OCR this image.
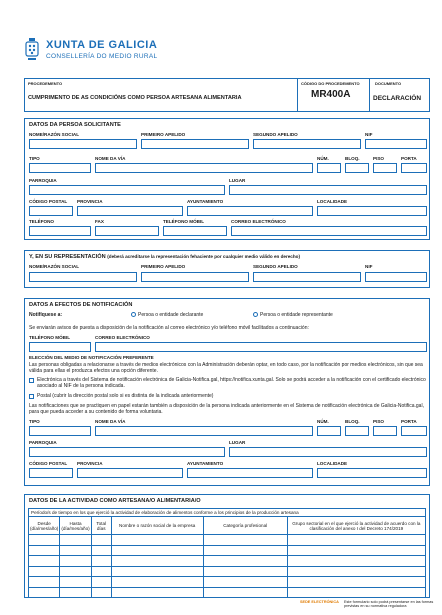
XUNTA DE GALICIA
CONSELLERÍA DO MEDIO RURAL
PROCEDEMENTO
CUMPRIMENTO DE AS CONDICIÓNS COMO PERSOA ARTESANA ALIMENTARIA
CÓDIGO DO PROCEDEMENTO
MR400A
DOCUMENTO
DECLARACIÓN
DATOS DA PERSOA SOLICITANTE
NOME/RAZÓN SOCIAL	PRIMEIRO APELIDO	SEGUNDO APELIDO	NIF
TIPO	NOME DA VÍA	NÚM.	BLOQ.	PISO	PORTA
PARROQUIA	LUGAR
CÓDIGO POSTAL PROVINCIA	AYUNTAMIENTO	LOCALIDADE
TELÉFONO	FAX	TELÉFONO MÓBIL	CORREO ELECTRÓNICO
Y, EN SU REPRESENTACIÓN (deberá acreditarse la representación fehaciente por cualquier medio válido en derecho)
NOME/RAZÓN SOCIAL	PRIMEIRO APELIDO	SEGUNDO APELIDO	NIF
DATOS A EFECTOS DE NOTIFICACIÓN
Notifíquese a:	Persoa o entidade declarante	Persoa o entidade representante
Se enviarán avisos de puesta a disposición de la notificación al correo electrónico y/o teléfono móvil facilitados a continuación:
TELÉFONO MÓBIL	CORREO ELECTRÓNICO
ELECCIÓN DEL MEDIO DE NOTIFICACIÓN PREFERENTE
Las personas obligadas a relacionarse a través de medios electrónicos con la Administración deberán optar, en todo caso, por la notificación por medios electrónicos, sin que sea válida para ellas el produzca efectos una opción diferente.
Electrónica a través del Sistema de notificación electrónica de Galicia-Notifica.gal, https://notifica.xunta.gal. Solo se podrá acceder a la notificación con el certificado electrónico asociado al NIF de la persona indicada.
Postal (cubrir la dirección postal solo si es distinta de la indicada anteriormente)
Las notificaciones que se practiquen en papel estarán también a disposición de la persona indicada anteriormente en el Sistema de notificación electrónica de Galicia-Notifica.gal, para que pueda acceder a su contenido de forma voluntaria.
TIPO	NOME DA VÍA	NÚM.	BLOQ.	PISO	PORTA
PARROQUIA	LUGAR
CÓDIGO POSTAL PROVINCIA	AYUNTAMIENTO	LOCALIDADE
DATOS DE LA ACTIVIDAD COMO ARTESANA/O ALIMENTARIA/O
Período/s de tiempo en los que ejerció la actividad de elaboración de alimentos conforme a los principios de la producción artesana					
Desde (día/mes/año)	Hasta (día/mes/año)	Total días	Nombre o razón social de la empresa	Categoría profesional	Grupo sectorial en el que ejerció la actividad de acuerdo con la clasificación del anexo I del Decreto 174/2019

SEDE ELECTRÓNICA Este formulario solo podrá presentarse en las formas previstas en su normativa reguladora
